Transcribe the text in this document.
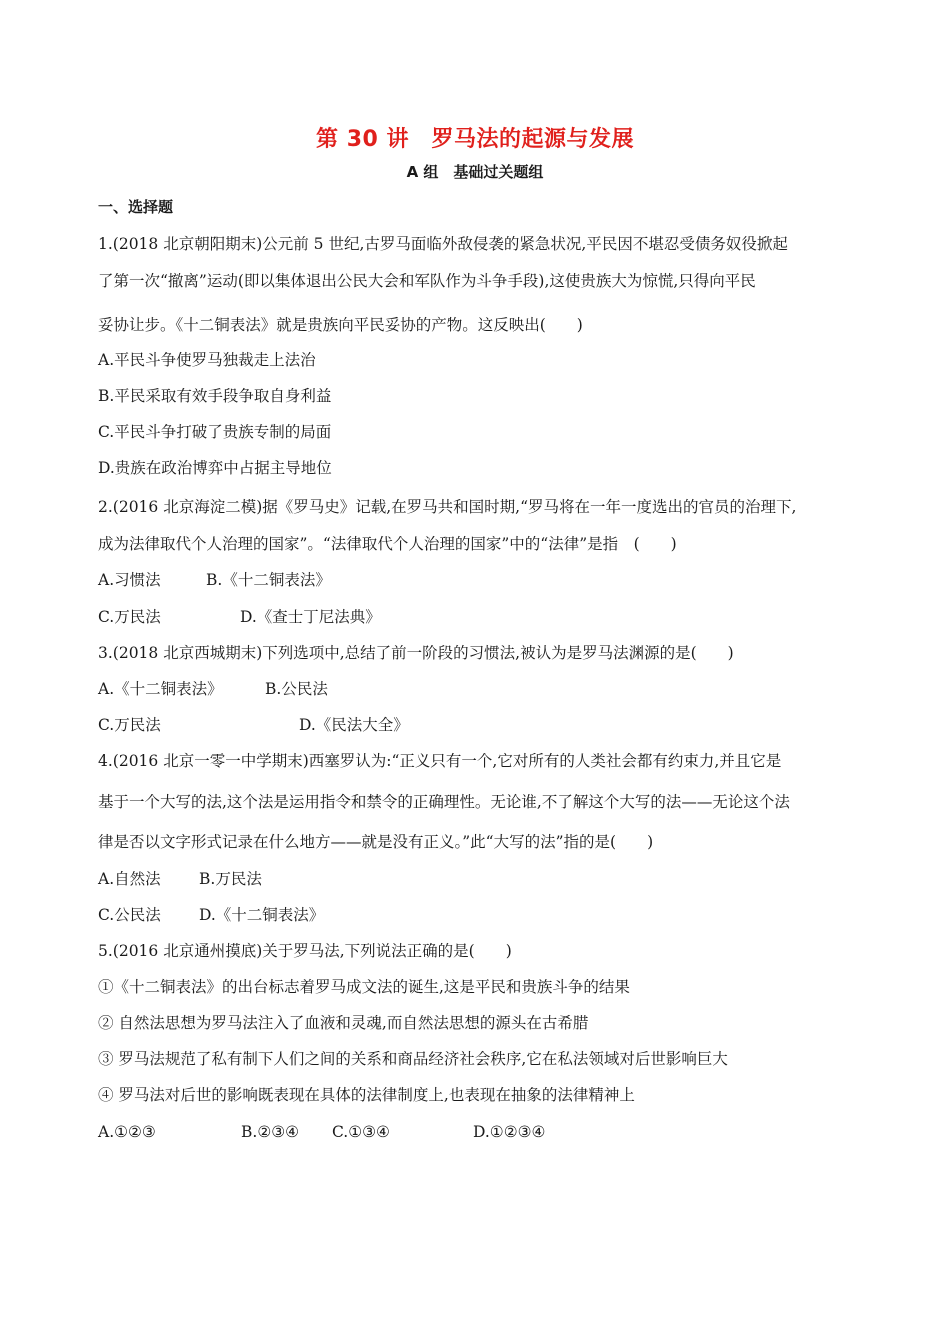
第 30 讲　罗马法的起源与发展
A 组　基础过关题组
一、选择题
1.(2018 北京朝阳期末)公元前 5 世纪,古罗马面临外敌侵袭的紧急状况,平民因不堪忍受债务奴役掀起
了第一次“撤离”运动(即以集体退出公民大会和军队作为斗争手段),这使贵族大为惊慌,只得向平民
妥协让步。《十二铜表法》就是贵族向平民妥协的产物。这反映出(　　)
A.平民斗争使罗马独裁走上法治
B.平民采取有效手段争取自身利益
C.平民斗争打破了贵族专制的局面
D.贵族在政治博弈中占据主导地位
2.(2016 北京海淀二模)据《罗马史》记载,在罗马共和国时期,“罗马将在一年一度选出的官员的治理下,
成为法律取代个人治理的国家”。“法律取代个人治理的国家”中的“法律”是指　(　　)
A.习惯法	B.《十二铜表法》
C.万民法	D.《查士丁尼法典》
3.(2018 北京西城期末)下列选项中,总结了前一阶段的习惯法,被认为是罗马法渊源的是(　　)
A.《十二铜表法》	B.公民法
C.万民法	D.《民法大全》
4.(2016 北京一零一中学期末)西塞罗认为:“正义只有一个,它对所有的人类社会都有约束力,并且它是
基于一个大写的法,这个法是运用指令和禁令的正确理性。无论谁,不了解这个大写的法——无论这个法
律是否以文字形式记录在什么地方——就是没有正义。”此“大写的法”指的是(　　)
A.自然法 B.万民法
C.公民法 D.《十二铜表法》
5.(2016 北京通州摸底)关于罗马法,下列说法正确的是(　　)
①《十二铜表法》的出台标志着罗马成文法的诞生,这是平民和贵族斗争的结果
② 自然法思想为罗马法注入了血液和灵魂,而自然法思想的源头在古希腊
③ 罗马法规范了私有制下人们之间的关系和商品经济社会秩序,它在私法领域对后世影响巨大
④ 罗马法对后世的影响既表现在具体的法律制度上,也表现在抽象的法律精神上
A.①②③	B.②③④ C.①③④	D.①②③④
